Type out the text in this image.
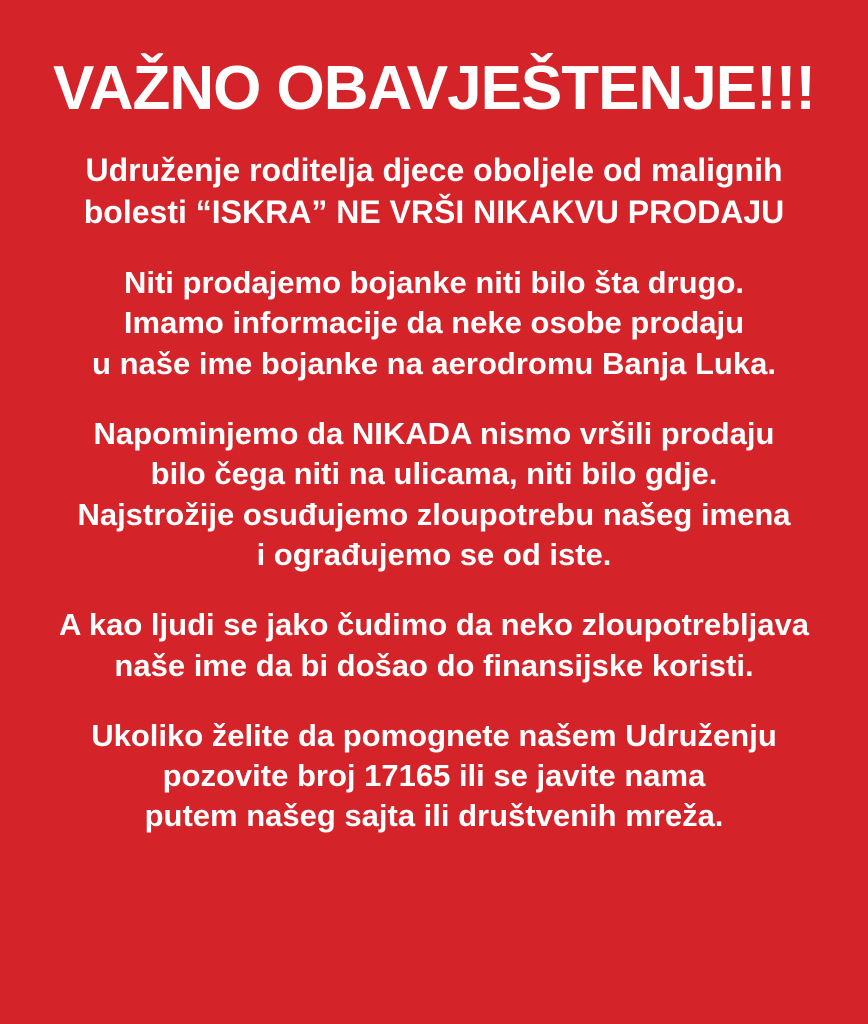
VAŽNO OBAVJEŠTENJE!!!
Udruženje roditelja djece oboljele od malignih
bolesti “ISKRA” NE VRŠI NIKAKVU PRODAJU
Niti prodajemo bojanke niti bilo šta drugo.
Imamo informacije da neke osobe prodaju
u naše ime bojanke na aerodromu Banja Luka.
Napominjemo da NIKADA nismo vršili prodaju
bilo čega niti na ulicama, niti bilo gdje.
Najstrožije osuđujemo zloupotrebu našeg imena
i ograđujemo se od iste.
A kao ljudi se jako čudimo da neko zloupotrebljava
naše ime da bi došao do finansijske koristi.
Ukoliko želite da pomognete našem Udruženju
pozovite broj 17165 ili se javite nama
putem našeg sajta ili društvenih mreža.
